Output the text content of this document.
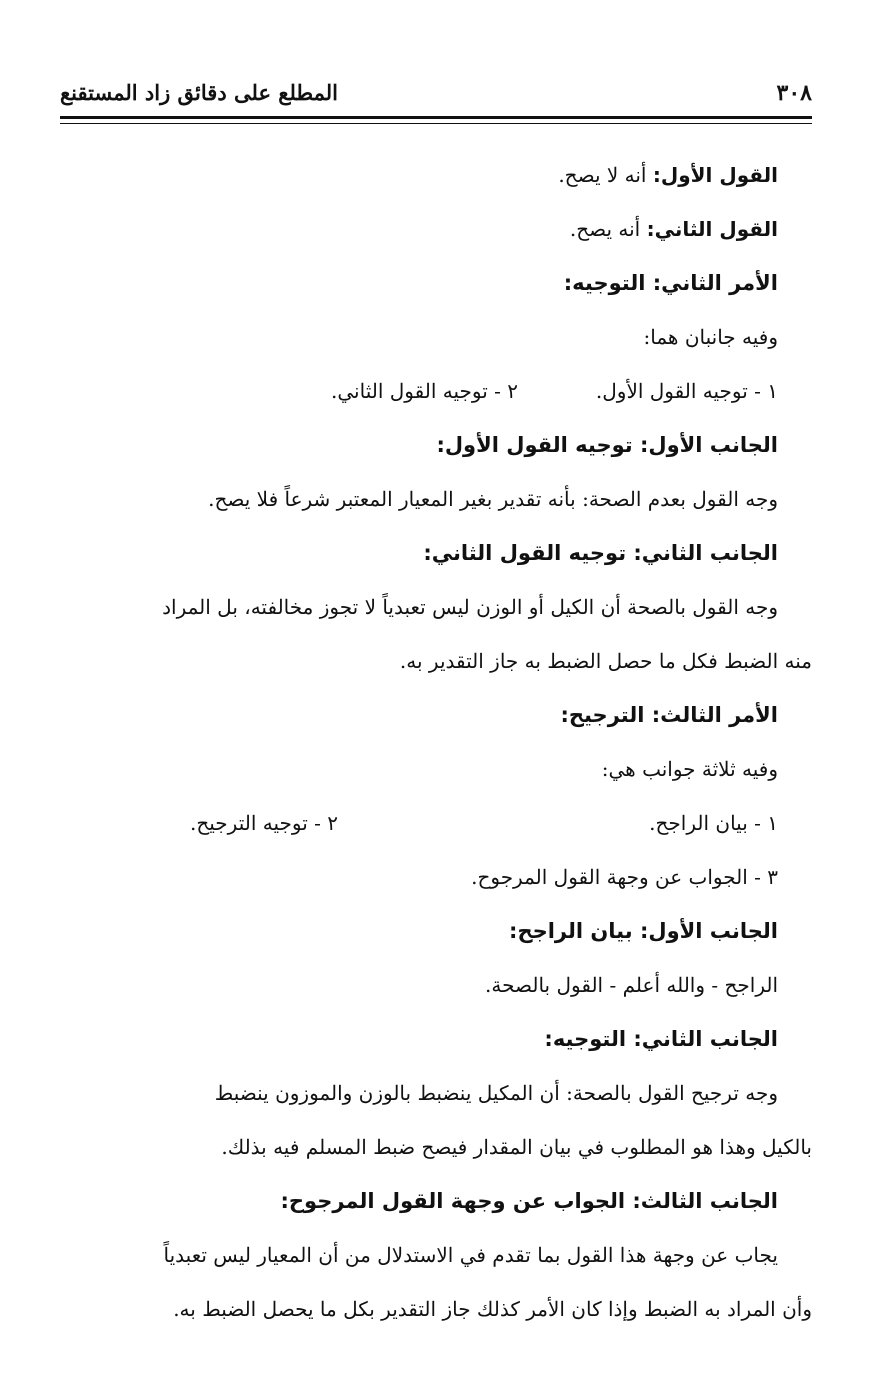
٣٠٨
المطلع على دقائق زاد المستقنع
القول الأول: أنه لا يصح.
القول الثاني: أنه يصح.
الأمر الثاني: التوجيه:
وفيه جانبان هما:
١ - توجيه القول الأول.
٢ - توجيه القول الثاني.
الجانب الأول: توجيه القول الأول:
وجه القول بعدم الصحة: بأنه تقدير بغير المعيار المعتبر شرعاً فلا يصح.
الجانب الثاني: توجيه القول الثاني:
وجه القول بالصحة أن الكيل أو الوزن ليس تعبدياً لا تجوز مخالفته، بل المراد
منه الضبط فكل ما حصل الضبط به جاز التقدير به.
الأمر الثالث: الترجيح:
وفيه ثلاثة جوانب هي:
١ - بيان الراجح.
٢ - توجيه الترجيح.
٣ - الجواب عن وجهة القول المرجوح.
الجانب الأول: بيان الراجح:
الراجح - والله أعلم - القول بالصحة.
الجانب الثاني: التوجيه:
وجه ترجيح القول بالصحة: أن المكيل ينضبط بالوزن والموزون ينضبط
بالكيل وهذا هو المطلوب في بيان المقدار فيصح ضبط المسلم فيه بذلك.
الجانب الثالث: الجواب عن وجهة القول المرجوح:
يجاب عن وجهة هذا القول بما تقدم في الاستدلال من أن المعيار ليس تعبدياً
وأن المراد به الضبط وإذا كان الأمر كذلك جاز التقدير بكل ما يحصل الضبط به.
